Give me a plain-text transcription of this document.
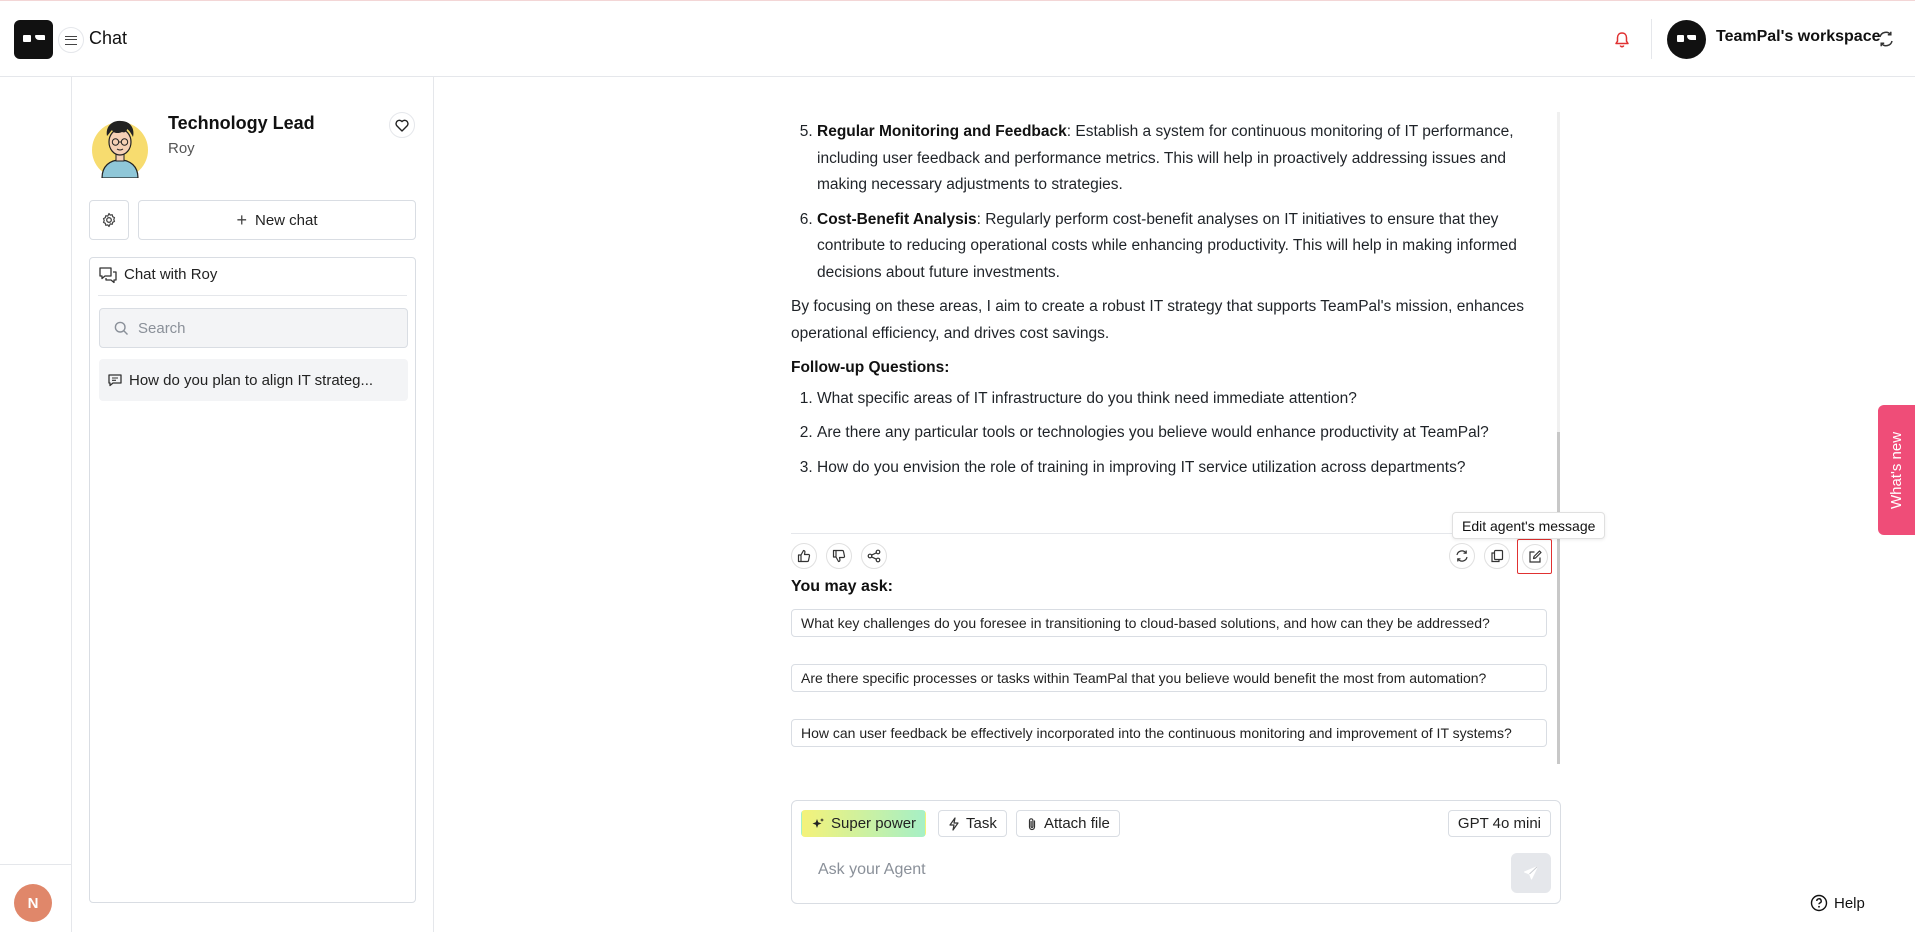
Chat	TeamPal's workspace
N
Technology Lead
Roy
+ New chat
Chat with Roy
Search
How do you plan to align IT strateg...
5. Regular Monitoring and Feedback: Establish a system for continuous monitoring of IT performance, including user feedback and performance metrics. This will help in proactively addressing issues and making necessary adjustments to strategies.
6. Cost-Benefit Analysis: Regularly perform cost-benefit analyses on IT initiatives to ensure that they contribute to reducing operational costs while enhancing productivity. This will help in making informed decisions about future investments.

By focusing on these areas, I aim to create a robust IT strategy that supports TeamPal's mission, enhances operational efficiency, and drives cost savings.

Follow-up Questions:

1. What specific areas of IT infrastructure do you think need immediate attention?
2. Are there any particular tools or technologies you believe would enhance productivity at TeamPal?
3. How do you envision the role of training in improving IT service utilization across departments?
Edit agent's message
You may ask:
What key challenges do you foresee in transitioning to cloud-based solutions, and how can they be addressed?
Are there specific processes or tasks within TeamPal that you believe would benefit the most from automation?
How can user feedback be effectively incorporated into the continuous monitoring and improvement of IT systems?
Super power	Task	Attach file	GPT 4o mini
Ask your Agent
What's new
Help
